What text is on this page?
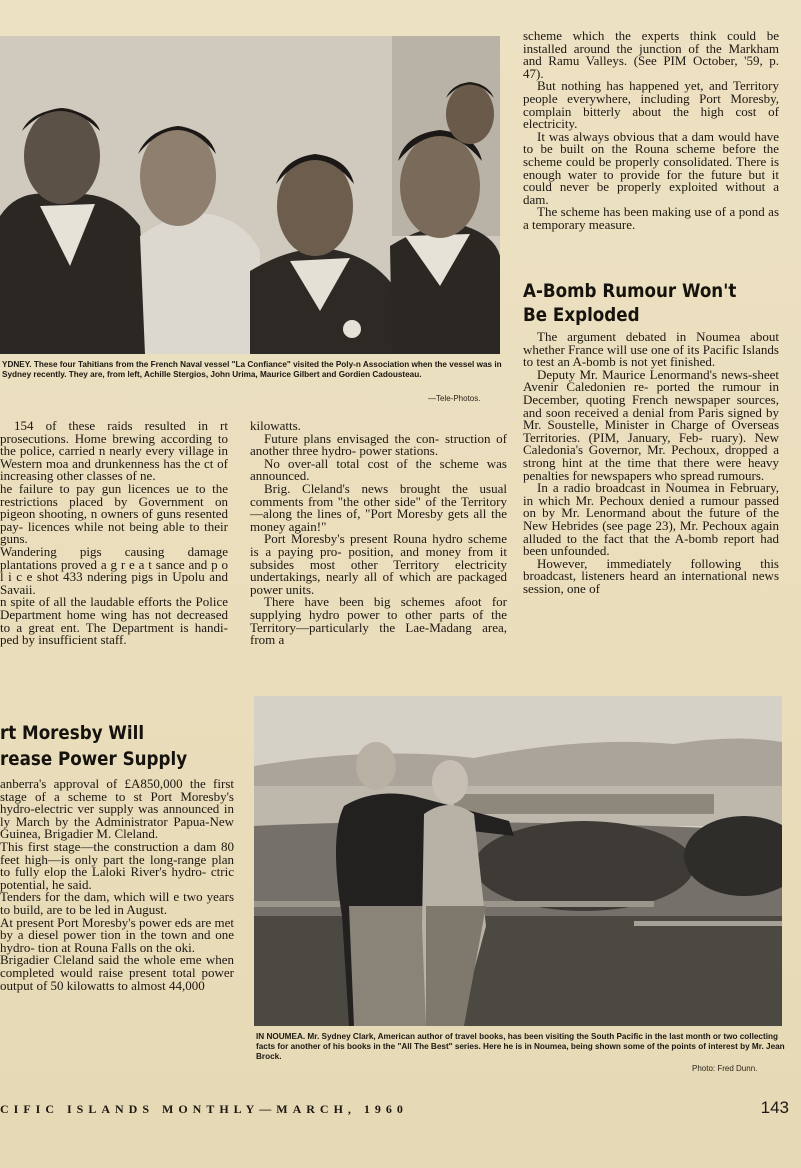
YDNEY. These four Tahitians from the French Naval vessel "La Confiance" visited the Poly-n Association when the vessel was in Sydney recently. They are, from left, Achille Stergios, John Urima, Maurice Gilbert and Gordien Cadousteau.
—Tele-Photos.

scheme which the experts think could be installed around the junction of the Markham and Ramu Valleys. (See PIM October, '59, p. 47).

But nothing has happened yet, and Territory people everywhere, including Port Moresby, complain bitterly about the high cost of electricity.

It was always obvious that a dam would have to be built on the Rouna scheme before the scheme could be properly consolidated. There is enough water to provide for the future but it could never be properly exploited without a dam.

The scheme has been making use of a pond as a temporary measure.

A-Bomb Rumour Won't
Be Exploded

The argument debated in Noumea about whether France will use one of its Pacific Islands to test an A-bomb is not yet finished.

Deputy Mr. Maurice Lenormand's news-sheet Avenir Caledonien re- ported the rumour in December, quoting French newspaper sources, and soon received a denial from Paris signed by Mr. Soustelle, Minister in Charge of Overseas Territories. (PIM, January, Feb- ruary). New Caledonia's Governor, Mr. Pechoux, dropped a strong hint at the time that there were heavy penalties for newspapers who spread rumours.

In a radio broadcast in Noumea in February, in which Mr. Pechoux denied a rumour passed on by Mr. Lenormand about the future of the New Hebrides (see page 23), Mr. Pechoux again alluded to the fact that the A-bomb report had been unfounded.

However, immediately following this broadcast, listeners heard an international news session, one of

154 of these raids resulted in rt prosecutions. Home brewing according to the police, carried n nearly every village in Western moa and drunkenness has the ct of increasing other classes of ne.

he failure to pay gun licences ue to the restrictions placed by Government on pigeon shooting, n owners of guns resented pay- licences while not being able to their guns.

Wandering pigs causing damage plantations proved a g r e a t sance and p o l i c e shot 433 ndering pigs in Upolu and Savaii.

n spite of all the laudable efforts the Police Department home wing has not decreased to a great ent. The Department is handi- ped by insufficient staff.

kilowatts.

Future plans envisaged the con- struction of another three hydro- power stations.

No over-all total cost of the scheme was announced.

Brig. Cleland's news brought the usual comments from "the other side" of the Territory—along the lines of, "Port Moresby gets all the money again!"

Port Moresby's present Rouna hydro scheme is a paying pro- position, and money from it subsides most other Territory electricity undertakings, nearly all of which are packaged power units.

There have been big schemes afoot for supplying hydro power to other parts of the Territory—particularly the Lae-Madang area, from a

rt Moresby Will
rease Power Supply

anberra's approval of £A850,000 the first stage of a scheme to st Port Moresby's hydro-electric ver supply was announced in ly March by the Administrator Papua-New Guinea, Brigadier M. Cleland.

This first stage—the construction a dam 80 feet high—is only part the long-range plan to fully elop the Laloki River's hydro- ctric potential, he said.

Tenders for the dam, which will e two years to build, are to be led in August.

At present Port Moresby's power eds are met by a diesel power tion in the town and one hydro- tion at Rouna Falls on the oki.

Brigadier Cleland said the whole eme when completed would raise present total power output of 50 kilowatts to almost 44,000

IN NOUMEA. Mr. Sydney Clark, American author of travel books, has been visiting the South Pacific in the last month or two collecting facts for another of his books in the "All The Best" series. Here he is in Noumea, being shown some of the points of interest by Mr. Jean Brock.
Photo: Fred Dunn.
CIFIC ISLANDS MONTHLY—MARCH, 1960	143
